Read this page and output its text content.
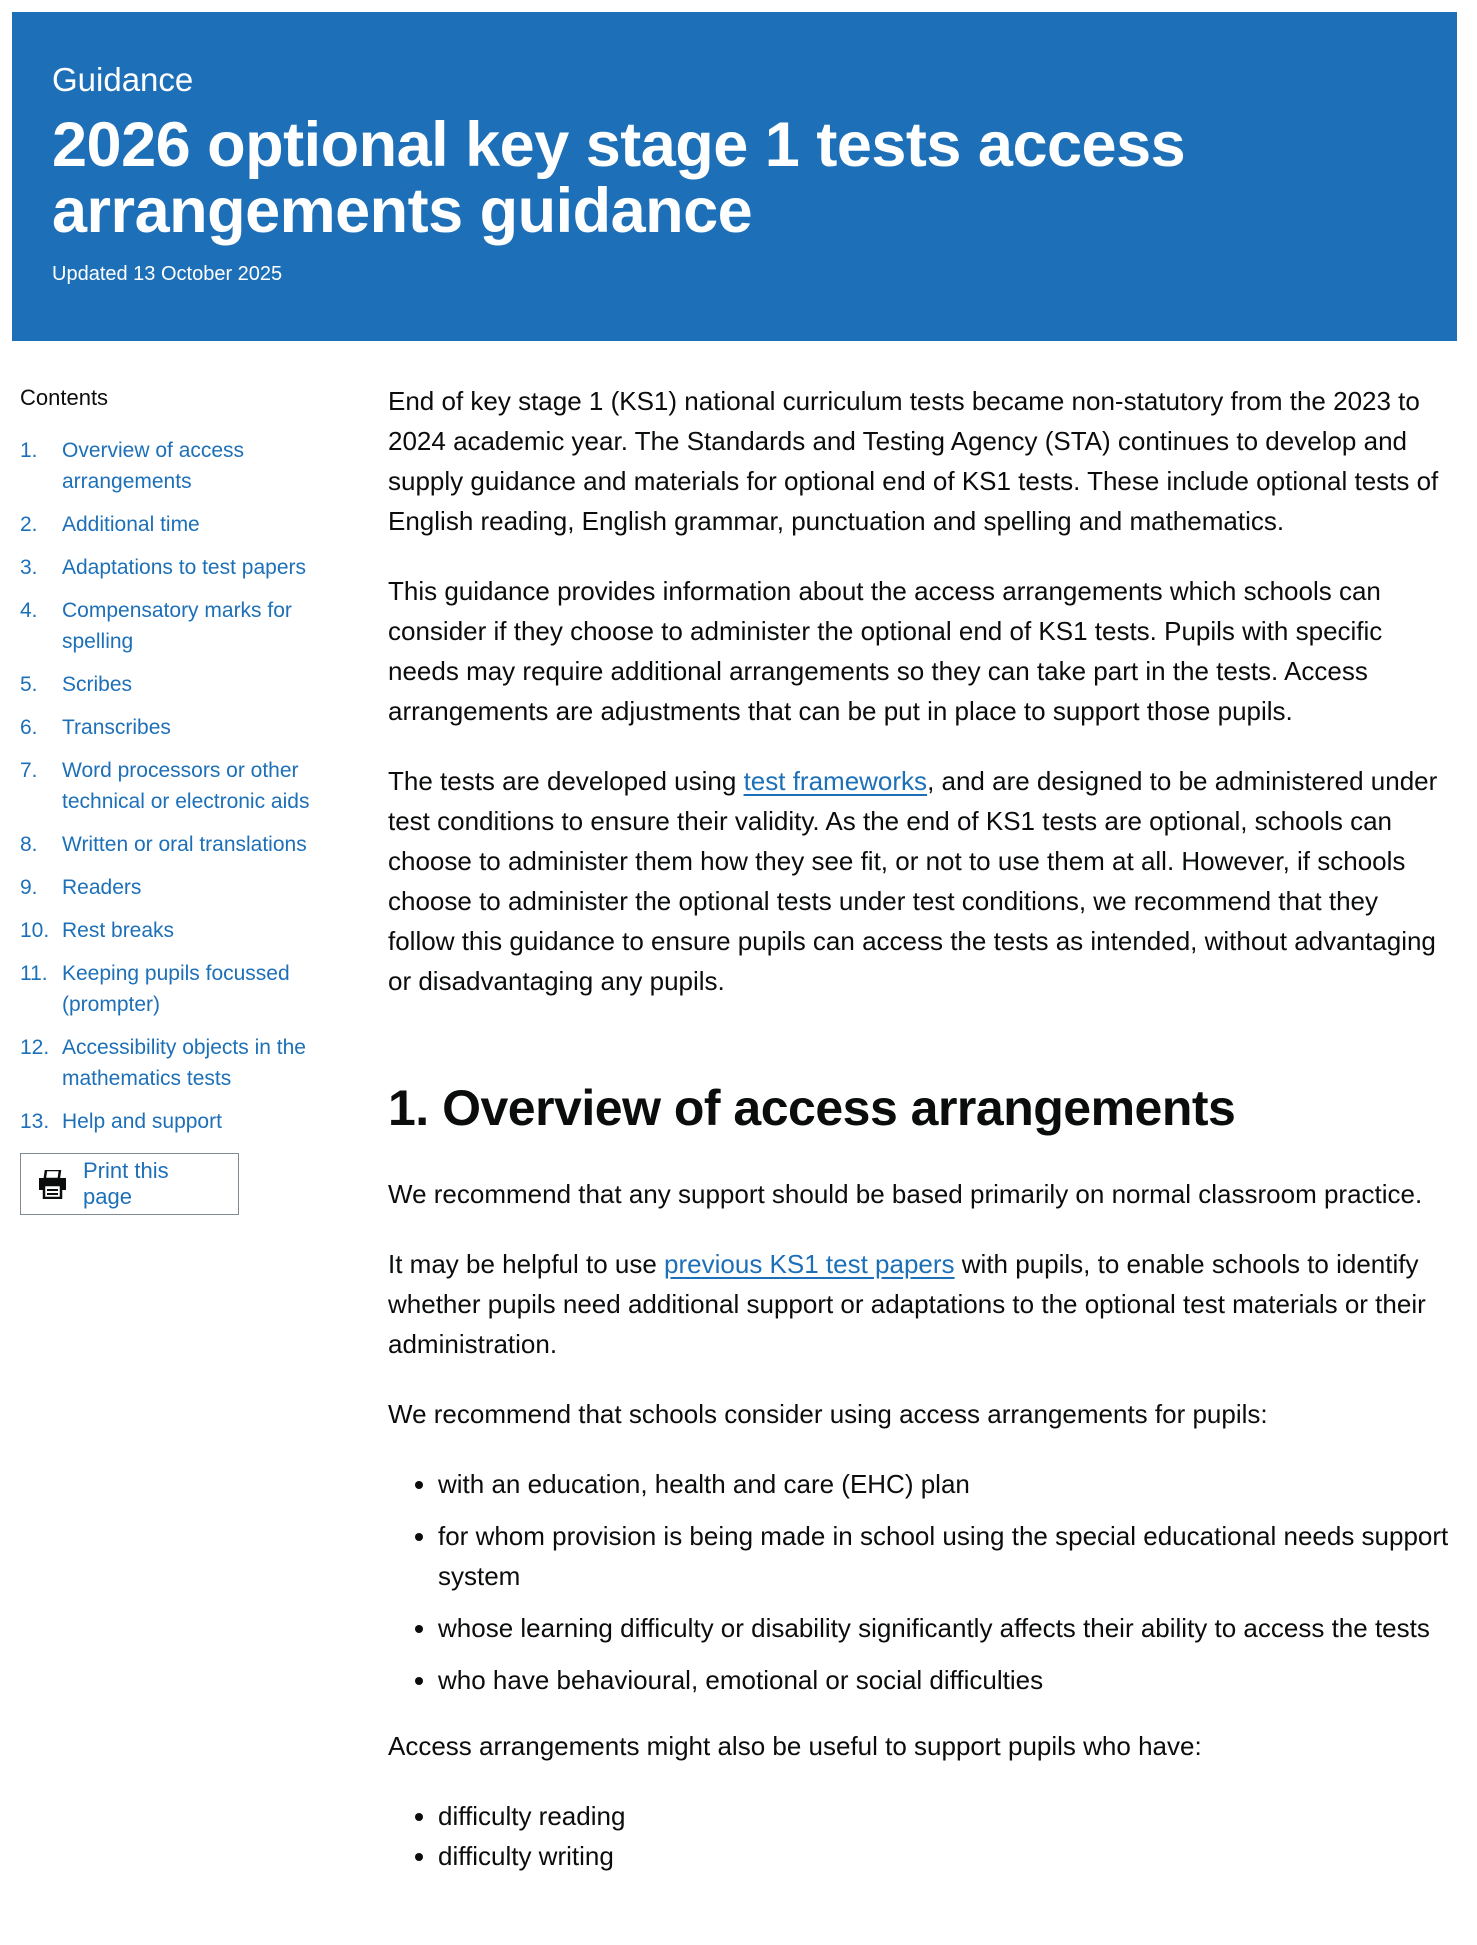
Guidance
2026 optional key stage 1 tests access arrangements guidance

Updated 13 October 2025

Contents
1.	Overview of access arrangements
2.	Additional time
3.	Adaptations to test papers
4.	Compensatory marks for spelling
5.	Scribes
6.	Transcribes
7.	Word processors or other technical or electronic aids
8.	Written or oral translations
9.	Readers
10. Rest breaks
11. Keeping pupils focussed (prompter)
12. Accessibility objects in the mathematics tests
13. Help and support
Print this page

End of key stage 1 (KS1) national curriculum tests became non-statutory from the 2023 to 2024 academic year. The Standards and Testing Agency (STA) continues to develop and supply guidance and materials for optional end of KS1 tests. These include optional tests of English reading, English grammar, punctuation and spelling and mathematics.

This guidance provides information about the access arrangements which schools can consider if they choose to administer the optional end of KS1 tests. Pupils with specific needs may require additional arrangements so they can take part in the tests. Access arrangements are adjustments that can be put in place to support those pupils.

The tests are developed using test frameworks, and are designed to be administered under test conditions to ensure their validity. As the end of KS1 tests are optional, schools can choose to administer them how they see fit, or not to use them at all. However, if schools choose to administer the optional tests under test conditions, we recommend that they follow this guidance to ensure pupils can access the tests as intended, without advantaging or disadvantaging any pupils.

1. Overview of access arrangements

We recommend that any support should be based primarily on normal classroom practice.

It may be helpful to use previous KS1 test papers with pupils, to enable schools to identify whether pupils need additional support or adaptations to the optional test materials or their administration.

We recommend that schools consider using access arrangements for pupils:

• with an education, health and care (EHC) plan
• for whom provision is being made in school using the special educational needs support system
• whose learning difficulty or disability significantly affects their ability to access the tests
• who have behavioural, emotional or social difficulties

Access arrangements might also be useful to support pupils who have:

• difficulty reading
• difficulty writing
